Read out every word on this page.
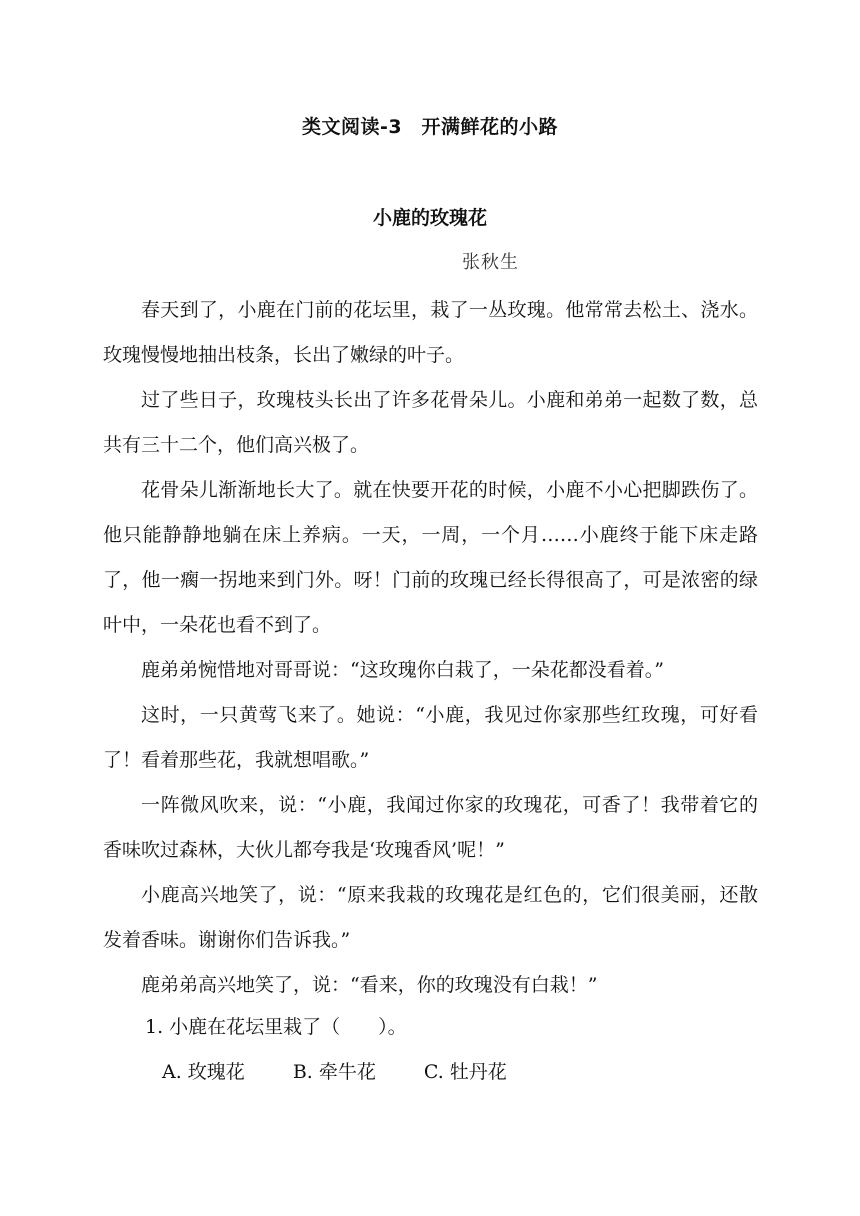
类文阅读-3　开满鲜花的小路
小鹿的玫瑰花
张秋生

春天到了，小鹿在门前的花坛里，栽了一丛玫瑰。他常常去松土、浇水。玫瑰慢慢地抽出枝条，长出了嫩绿的叶子。

过了些日子，玫瑰枝头长出了许多花骨朵儿。小鹿和弟弟一起数了数，总共有三十二个，他们高兴极了。

花骨朵儿渐渐地长大了。就在快要开花的时候，小鹿不小心把脚跌伤了。他只能静静地躺在床上养病。一天，一周，一个月……小鹿终于能下床走路了，他一瘸一拐地来到门外。呀！门前的玫瑰已经长得很高了，可是浓密的绿叶中，一朵花也看不到了。

鹿弟弟惋惜地对哥哥说：“这玫瑰你白栽了，一朵花都没看着。”

这时，一只黄莺飞来了。她说：“小鹿，我见过你家那些红玫瑰，可好看了！看着那些花，我就想唱歌。”

一阵微风吹来，说：“小鹿，我闻过你家的玫瑰花，可香了！我带着它的香味吹过森林，大伙儿都夸我是‘玫瑰香风’呢！”

小鹿高兴地笑了，说：“原来我栽的玫瑰花是红色的，它们很美丽，还散发着香味。谢谢你们告诉我。”

鹿弟弟高兴地笑了，说：“看来，你的玫瑰没有白栽！”

1. 小鹿在花坛里栽了（　　）。
A. 玫瑰花	B. 牵牛花	C. 牡丹花
